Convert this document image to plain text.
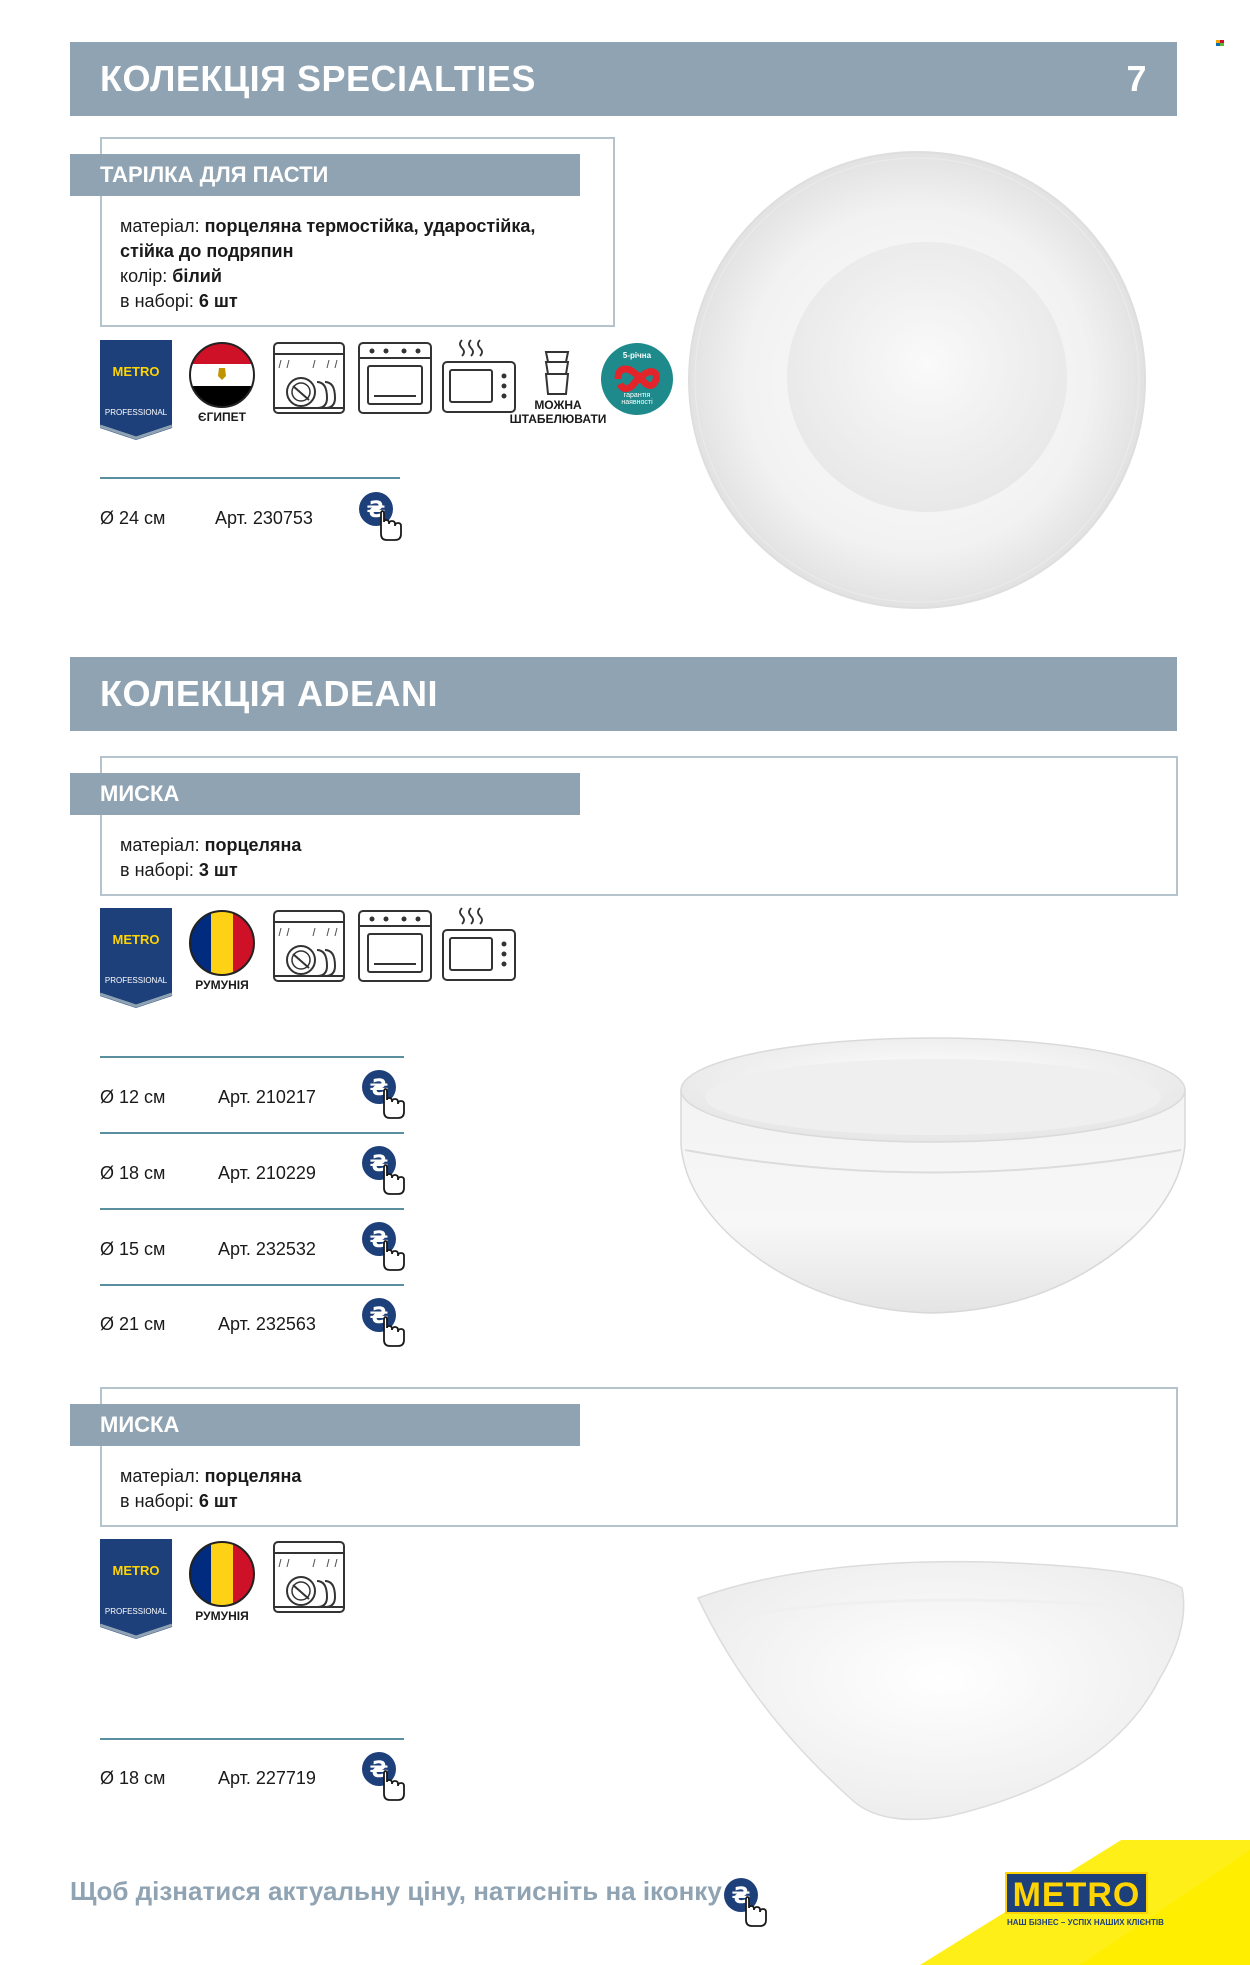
КОЛЕКЦІЯ SPECIALTIES	7
ТАРІЛКА ДЛЯ ПАСТИ
матеріал: порцеляна термостійка, ударостійка,
стійка до подряпин
колір: білий
в наборі: 6 шт
METRO
PROFESSIONAL	ЄГИПЕТ
МОЖНА ШТАБЕЛЮВАТИ
5-річна
гарантія наявності
Ø 24 см	Арт. 230753
КОЛЕКЦІЯ ADEANI
МИСКА
матеріал: порцеляна
в наборі: 3 шт
METRO
PROFESSIONAL	РУМУНІЯ
Ø 12 см	Арт. 210217
Ø 18 см	Арт. 210229
Ø 15 см	Арт. 232532
Ø 21 см	Арт. 232563
МИСКА
матеріал: порцеляна
в наборі: 6 шт
METRO
PROFESSIONAL	РУМУНІЯ
Ø 18 см	Арт. 227719
Щоб дізнатися актуальну ціну, натисніть на іконку	METRO
НАШ БІЗНЕС – УСПІХ НАШИХ КЛІЄНТІВ
